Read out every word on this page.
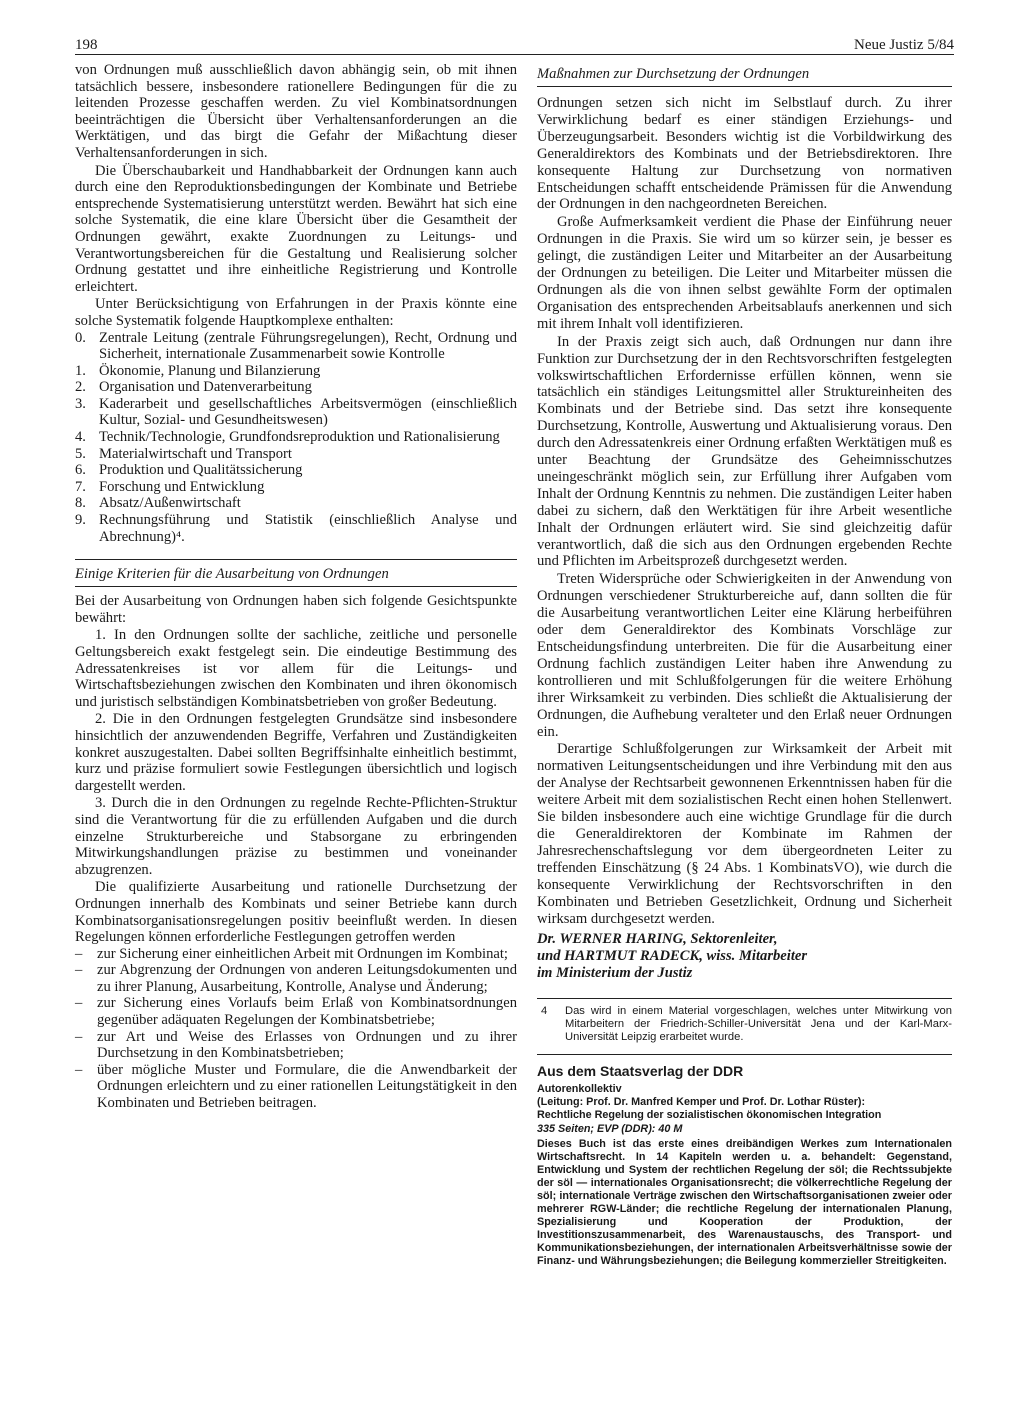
198	Neue Justiz 5/84

von Ordnungen muß ausschließlich davon abhängig sein, ob mit ihnen tatsächlich bessere, insbesondere rationellere Bedingungen für die zu leitenden Prozesse geschaffen werden. Zu viel Kombinatsordnungen beeinträchtigen die Übersicht über Verhaltensanforderungen an die Werktätigen, und das birgt die Gefahr der Mißachtung dieser Verhaltensanforderungen in sich.

Die Überschaubarkeit und Handhabbarkeit der Ordnungen kann auch durch eine den Reproduktionsbedingungen der Kombinate und Betriebe entsprechende Systematisierung unterstützt werden. Bewährt hat sich eine solche Systematik, die eine klare Übersicht über die Gesamtheit der Ordnungen gewährt, exakte Zuordnungen zu Leitungs- und Verantwortungsbereichen für die Gestaltung und Realisierung solcher Ordnung gestattet und ihre einheitliche Registrierung und Kontrolle erleichtert.

Unter Berücksichtigung von Erfahrungen in der Praxis könnte eine solche Systematik folgende Hauptkomplexe enthalten:

0. Zentrale Leitung (zentrale Führungsregelungen), Recht, Ordnung und Sicherheit, internationale Zusammenarbeit sowie Kontrolle
1. Ökonomie, Planung und Bilanzierung
2. Organisation und Datenverarbeitung
3. Kaderarbeit und gesellschaftliches Arbeitsvermögen (einschließlich Kultur, Sozial- und Gesundheitswesen)
4. Technik/Technologie, Grundfondsreproduktion und Rationalisierung
5. Materialwirtschaft und Transport
6. Produktion und Qualitätssicherung
7. Forschung und Entwicklung
8. Absatz/Außenwirtschaft
9. Rechnungsführung und Statistik (einschließlich Analyse und Abrechnung)⁴.
Einige Kriterien für die Ausarbeitung von Ordnungen

Bei der Ausarbeitung von Ordnungen haben sich folgende Gesichtspunkte bewährt:

1. In den Ordnungen sollte der sachliche, zeitliche und personelle Geltungsbereich exakt festgelegt sein. Die eindeutige Bestimmung des Adressatenkreises ist vor allem für die Leitungs- und Wirtschaftsbeziehungen zwischen den Kombinaten und ihren ökonomisch und juristisch selbständigen Kombinatsbetrieben von großer Bedeutung.

2. Die in den Ordnungen festgelegten Grundsätze sind insbesondere hinsichtlich der anzuwendenden Begriffe, Verfahren und Zuständigkeiten konkret auszugestalten. Dabei sollten Begriffsinhalte einheitlich bestimmt, kurz und präzise formuliert sowie Festlegungen übersichtlich und logisch dargestellt werden.

3. Durch die in den Ordnungen zu regelnde Rechte-Pflichten-Struktur sind die Verantwortung für die zu erfüllenden Aufgaben und die durch einzelne Strukturbereiche und Stabsorgane zu erbringenden Mitwirkungshandlungen präzise zu bestimmen und voneinander abzugrenzen.

Die qualifizierte Ausarbeitung und rationelle Durchsetzung der Ordnungen innerhalb des Kombinats und seiner Betriebe kann durch Kombinatsorganisationsregelungen positiv beeinflußt werden. In diesen Regelungen können erforderliche Festlegungen getroffen werden

–	zur Sicherung einer einheitlichen Arbeit mit Ordnungen im Kombinat;
–	zur Abgrenzung der Ordnungen von anderen Leitungsdokumenten und zu ihrer Planung, Ausarbeitung, Kontrolle, Analyse und Änderung;
–	zur Sicherung eines Vorlaufs beim Erlaß von Kombinatsordnungen gegenüber adäquaten Regelungen der Kombinatsbetriebe;
–	zur Art und Weise des Erlasses von Ordnungen und zu ihrer Durchsetzung in den Kombinatsbetrieben;
–	über mögliche Muster und Formulare, die die Anwendbarkeit der Ordnungen erleichtern und zu einer rationellen Leitungstätigkeit in den Kombinaten und Betrieben beitragen.
Maßnahmen zur Durchsetzung der Ordnungen

Ordnungen setzen sich nicht im Selbstlauf durch. Zu ihrer Verwirklichung bedarf es einer ständigen Erziehungs- und Überzeugungsarbeit. Besonders wichtig ist die Vorbildwirkung des Generaldirektors des Kombinats und der Betriebsdirektoren. Ihre konsequente Haltung zur Durchsetzung von normativen Entscheidungen schafft entscheidende Prämissen für die Anwendung der Ordnungen in den nachgeordneten Bereichen.

Große Aufmerksamkeit verdient die Phase der Einführung neuer Ordnungen in die Praxis. Sie wird um so kürzer sein, je besser es gelingt, die zuständigen Leiter und Mitarbeiter an der Ausarbeitung der Ordnungen zu beteiligen. Die Leiter und Mitarbeiter müssen die Ordnungen als die von ihnen selbst gewählte Form der optimalen Organisation des entsprechenden Arbeitsablaufs anerkennen und sich mit ihrem Inhalt voll identifizieren.

In der Praxis zeigt sich auch, daß Ordnungen nur dann ihre Funktion zur Durchsetzung der in den Rechtsvorschriften festgelegten volkswirtschaftlichen Erfordernisse erfüllen können, wenn sie tatsächlich ein ständiges Leitungsmittel aller Struktureinheiten des Kombinats und der Betriebe sind. Das setzt ihre konsequente Durchsetzung, Kontrolle, Auswertung und Aktualisierung voraus. Den durch den Adressatenkreis einer Ordnung erfaßten Werktätigen muß es unter Beachtung der Grundsätze des Geheimnisschutzes uneingeschränkt möglich sein, zur Erfüllung ihrer Aufgaben vom Inhalt der Ordnung Kenntnis zu nehmen. Die zuständigen Leiter haben dabei zu sichern, daß den Werktätigen für ihre Arbeit wesentliche Inhalt der Ordnungen erläutert wird. Sie sind gleichzeitig dafür verantwortlich, daß die sich aus den Ordnungen ergebenden Rechte und Pflichten im Arbeitsprozeß durchgesetzt werden.

Treten Widersprüche oder Schwierigkeiten in der Anwendung von Ordnungen verschiedener Strukturbereiche auf, dann sollten die für die Ausarbeitung verantwortlichen Leiter eine Klärung herbeiführen oder dem Generaldirektor des Kombinats Vorschläge zur Entscheidungsfindung unterbreiten. Die für die Ausarbeitung einer Ordnung fachlich zuständigen Leiter haben ihre Anwendung zu kontrollieren und mit Schlußfolgerungen für die weitere Erhöhung ihrer Wirksamkeit zu verbinden. Dies schließt die Aktualisierung der Ordnungen, die Aufhebung veralteter und den Erlaß neuer Ordnungen ein.

Derartige Schlußfolgerungen zur Wirksamkeit der Arbeit mit normativen Leitungsentscheidungen und ihre Verbindung mit den aus der Analyse der Rechtsarbeit gewonnenen Erkenntnissen haben für die weitere Arbeit mit dem sozialistischen Recht einen hohen Stellenwert. Sie bilden insbesondere auch eine wichtige Grundlage für die durch die Generaldirektoren der Kombinate im Rahmen der Jahresrechenschaftslegung vor dem übergeordneten Leiter zu treffenden Einschätzung (§ 24 Abs. 1 KombinatsVO), wie durch die konsequente Verwirklichung der Rechtsvorschriften in den Kombinaten und Betrieben Gesetzlichkeit, Ordnung und Sicherheit wirksam durchgesetzt werden.

Dr. WERNER HARING, Sektorenleiter,
und HARTMUT RADECK, wiss. Mitarbeiter
im Ministerium der Justiz
4	Das wird in einem Material vorgeschlagen, welches unter Mitwirkung von Mitarbeitern der Friedrich-Schiller-Universität Jena und der Karl-Marx-Universität Leipzig erarbeitet wurde.
Aus dem Staatsverlag der DDR
Autorenkollektiv
(Leitung: Prof. Dr. Manfred Kemper und Prof. Dr. Lothar Rüster):
Rechtliche Regelung der sozialistischen ökonomischen Integration
335 Seiten; EVP (DDR): 40 M
Dieses Buch ist das erste eines dreibändigen Werkes zum Internationalen Wirtschaftsrecht. In 14 Kapiteln werden u. a. behandelt: Gegenstand, Entwicklung und System der rechtlichen Regelung der söl; die Rechtssubjekte der söl — internationales Organisationsrecht; die völkerrechtliche Regelung der söl; internationale Verträge zwischen den Wirtschaftsorganisationen zweier oder mehrerer RGW-Länder; die rechtliche Regelung der internationalen Planung, Spezialisierung und Kooperation der Produktion, der Investitionszusammenarbeit, des Warenaustauschs, des Transport- und Kommunikationsbeziehungen, der internationalen Arbeitsverhältnisse sowie der Finanz- und Währungsbeziehungen; die Beilegung kommerzieller Streitigkeiten.
